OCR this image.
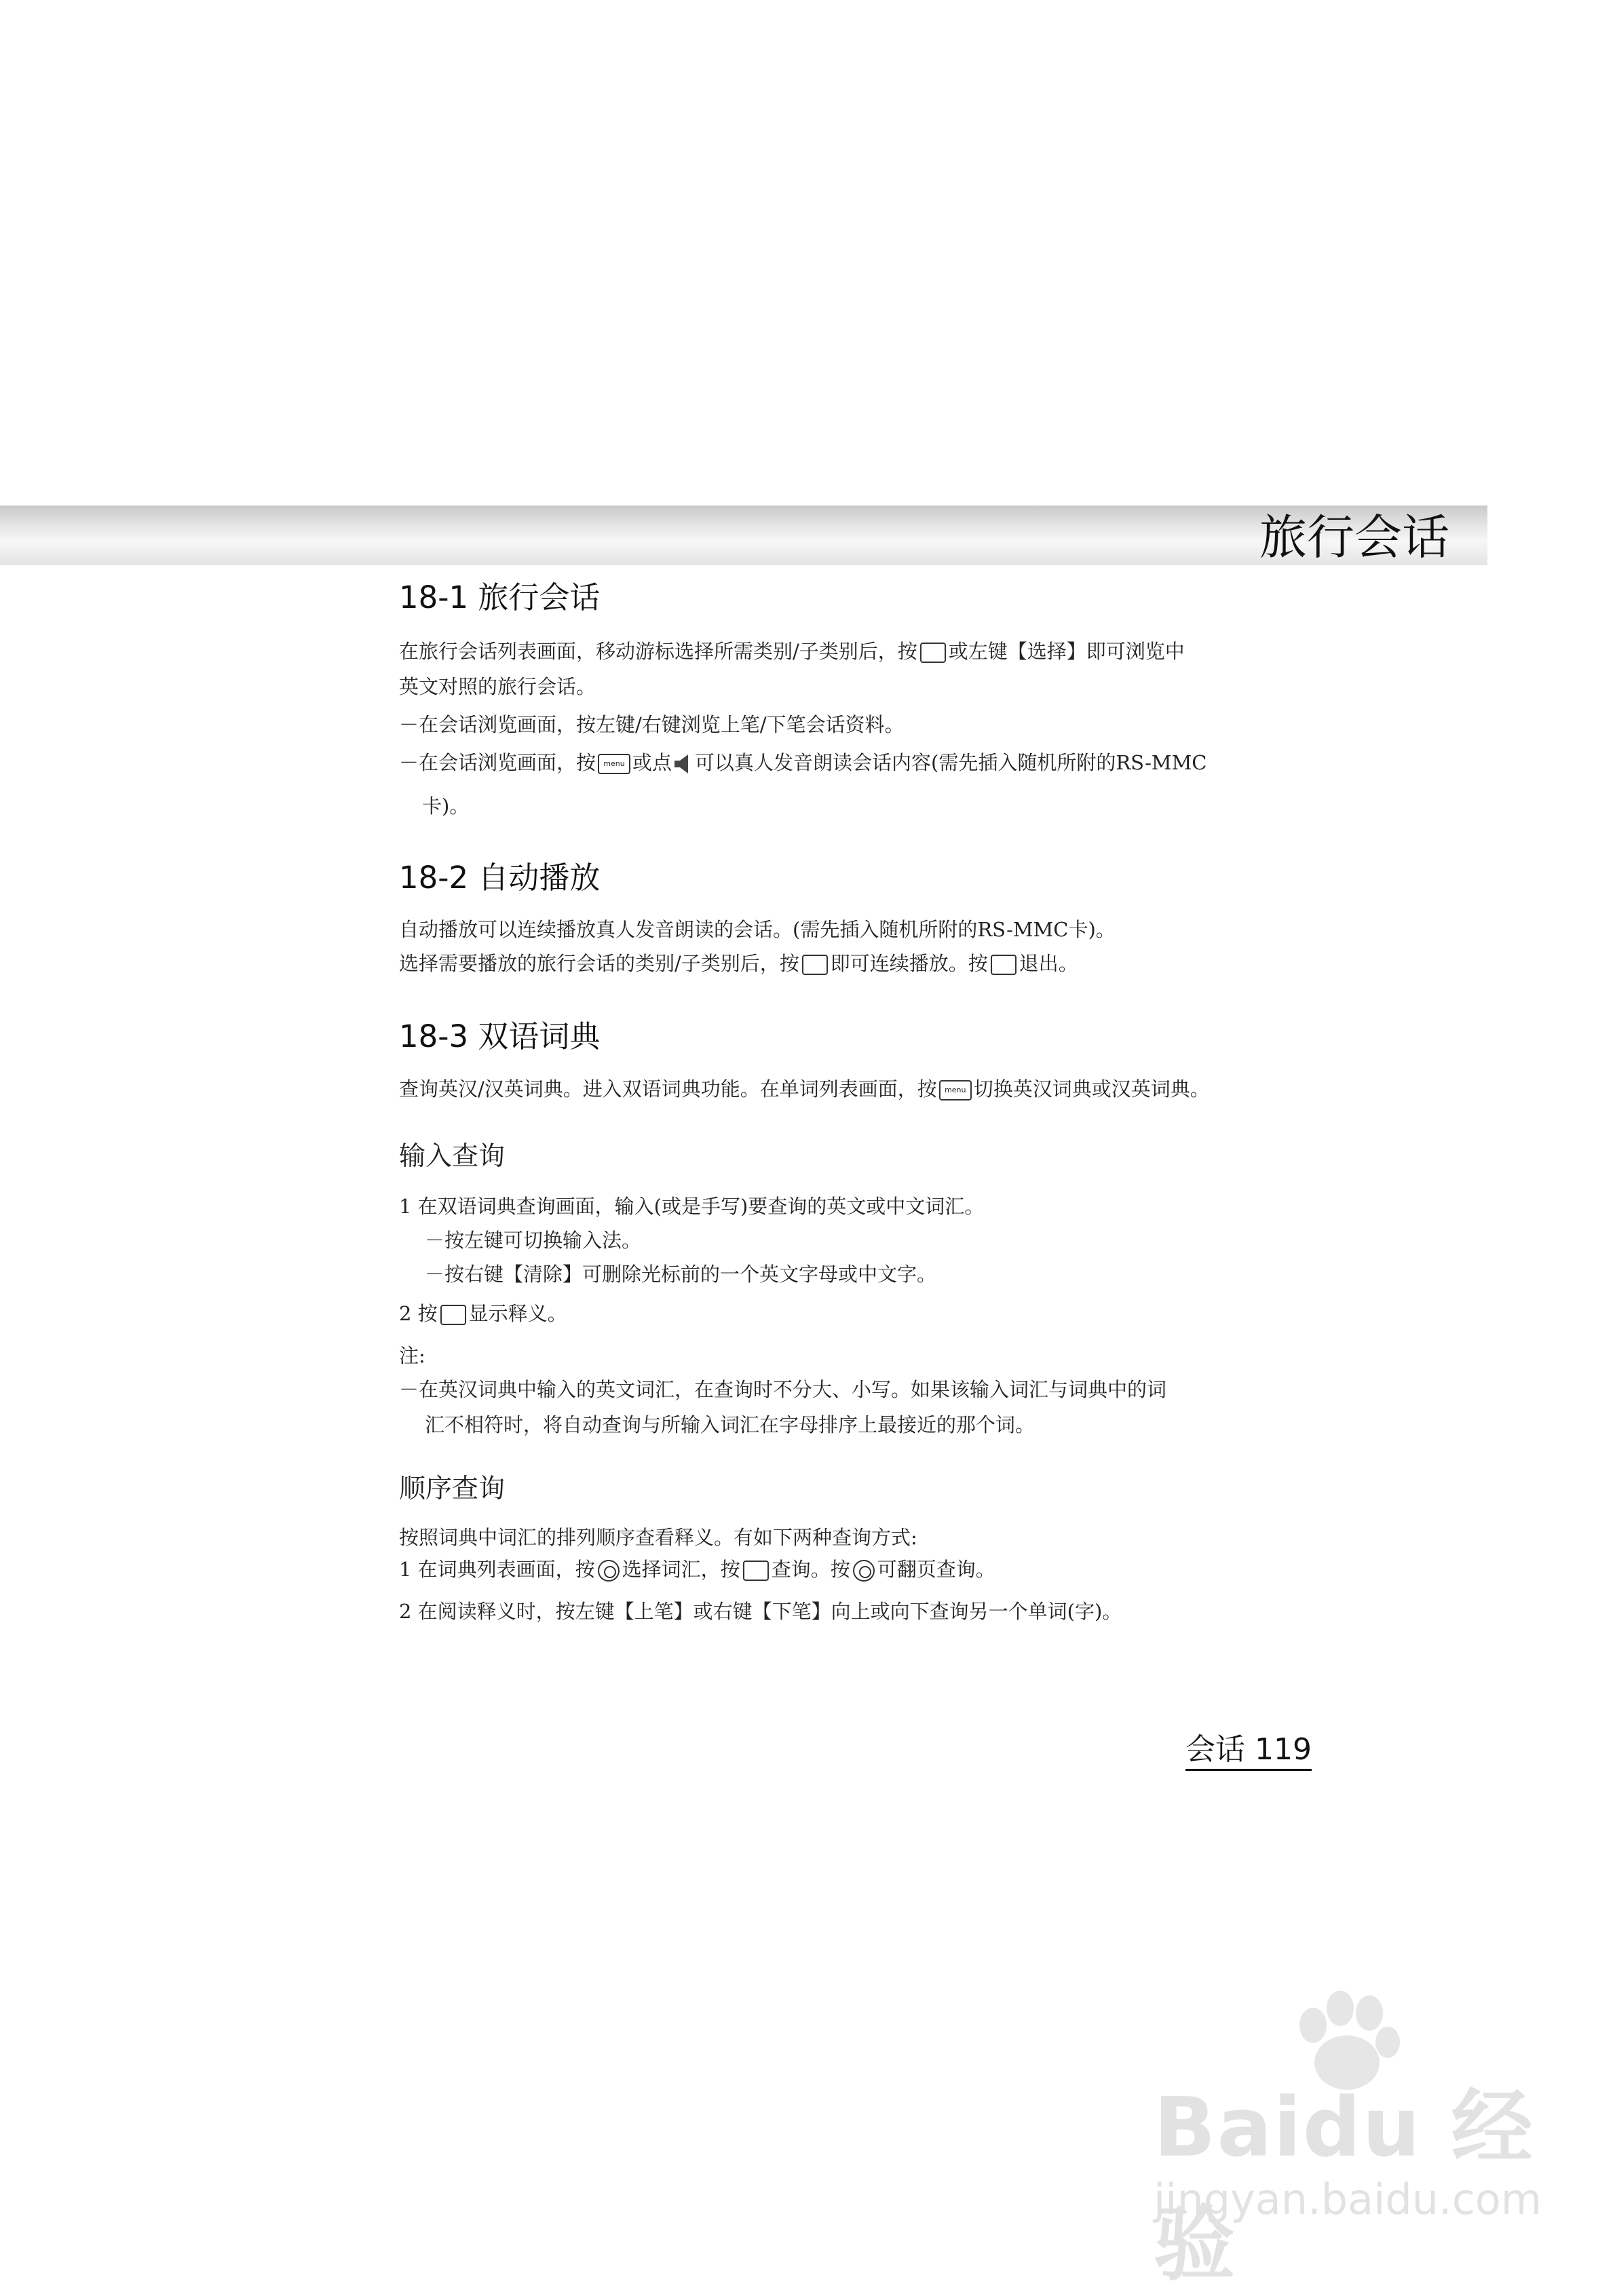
旅行会话
18-1 旅行会话
在旅行会话列表画面，移动游标选择所需类别/子类别后，按 或左键【选择】即可浏览中
英文对照的旅行会话。
－在会话浏览画面，按左键/右键浏览上笔/下笔会话资料。
－在会话浏览画面，按 menu 或点 可以真人发音朗读会话内容(需先插入随机所附的RS-MMC
卡)。
18-2 自动播放
自动播放可以连续播放真人发音朗读的会话。(需先插入随机所附的RS-MMC卡)。
选择需要播放的旅行会话的类别/子类别后，按 即可连续播放。按 退出。
18-3 双语词典
查询英汉/汉英词典。进入双语词典功能。在单词列表画面，按 menu 切换英汉词典或汉英词典。
输入查询
1 在双语词典查询画面，输入(或是手写)要查询的英文或中文词汇。
－按左键可切换输入法。
－按右键【清除】可删除光标前的一个英文字母或中文字。
2 按 显示释义。
注:
－在英汉词典中输入的英文词汇，在查询时不分大、小写。如果该输入词汇与词典中的词
汇不相符时，将自动查询与所输入词汇在字母排序上最接近的那个词。
顺序查询
按照词典中词汇的排列顺序查看释义。有如下两种查询方式:
1 在词典列表画面，按 选择词汇，按 查询。按 可翻页查询。
2 在阅读释义时，按左键【上笔】或右键【下笔】向上或向下查询另一个单词(字)。
会话 119
Baidu 经验
jingyan.baidu.com
